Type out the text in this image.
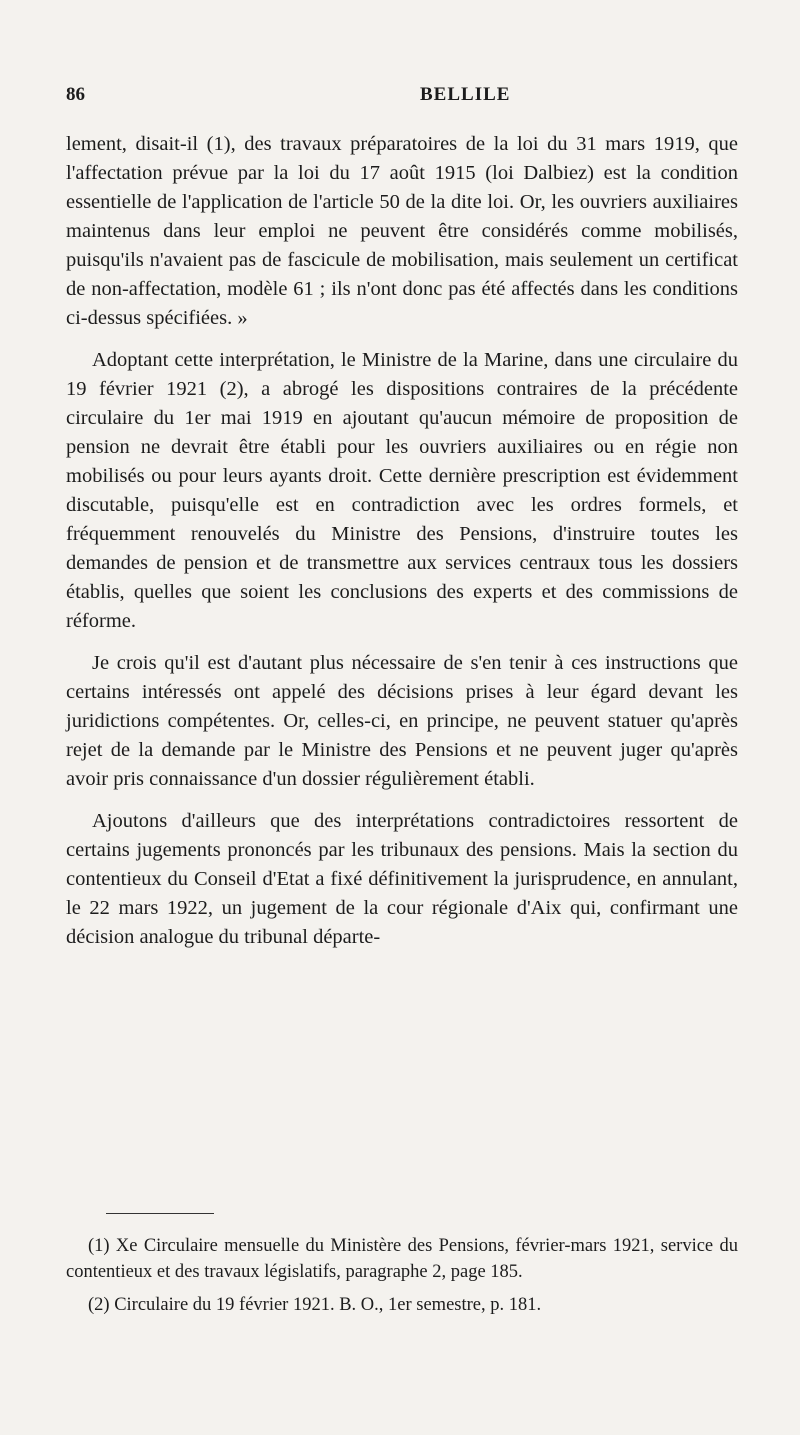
86	BELLILE

lement, disait-il (1), des travaux préparatoires de la loi du 31 mars 1919, que l'affectation prévue par la loi du 17 août 1915 (loi Dalbiez) est la condition essentielle de l'application de l'article 50 de la dite loi. Or, les ouvriers auxiliaires maintenus dans leur emploi ne peuvent être considérés comme mobilisés, puisqu'ils n'avaient pas de fascicule de mobilisation, mais seulement un certificat de non-affectation, modèle 61 ; ils n'ont donc pas été affectés dans les conditions ci-dessus spécifiées. »

Adoptant cette interprétation, le Ministre de la Marine, dans une circulaire du 19 février 1921 (2), a abrogé les dispositions contraires de la précédente circulaire du 1er mai 1919 en ajoutant qu'aucun mémoire de proposition de pension ne devrait être établi pour les ouvriers auxiliaires ou en régie non mobilisés ou pour leurs ayants droit. Cette dernière prescription est évidemment discutable, puisqu'elle est en contradiction avec les ordres formels, et fréquemment renouvelés du Ministre des Pensions, d'instruire toutes les demandes de pension et de transmettre aux services centraux tous les dossiers établis, quelles que soient les conclusions des experts et des commissions de réforme.

Je crois qu'il est d'autant plus nécessaire de s'en tenir à ces instructions que certains intéressés ont appelé des décisions prises à leur égard devant les juridictions compétentes. Or, celles-ci, en principe, ne peuvent statuer qu'après rejet de la demande par le Ministre des Pensions et ne peuvent juger qu'après avoir pris connaissance d'un dossier régulièrement établi.

Ajoutons d'ailleurs que des interprétations contradictoires ressortent de certains jugements prononcés par les tribunaux des pensions. Mais la section du contentieux du Conseil d'Etat a fixé définitivement la jurisprudence, en annulant, le 22 mars 1922, un jugement de la cour régionale d'Aix qui, confirmant une décision analogue du tribunal départe-

(1) Xe Circulaire mensuelle du Ministère des Pensions, février-mars 1921, service du contentieux et des travaux législatifs, paragraphe 2, page 185.

(2) Circulaire du 19 février 1921. B. O., 1er semestre, p. 181.
